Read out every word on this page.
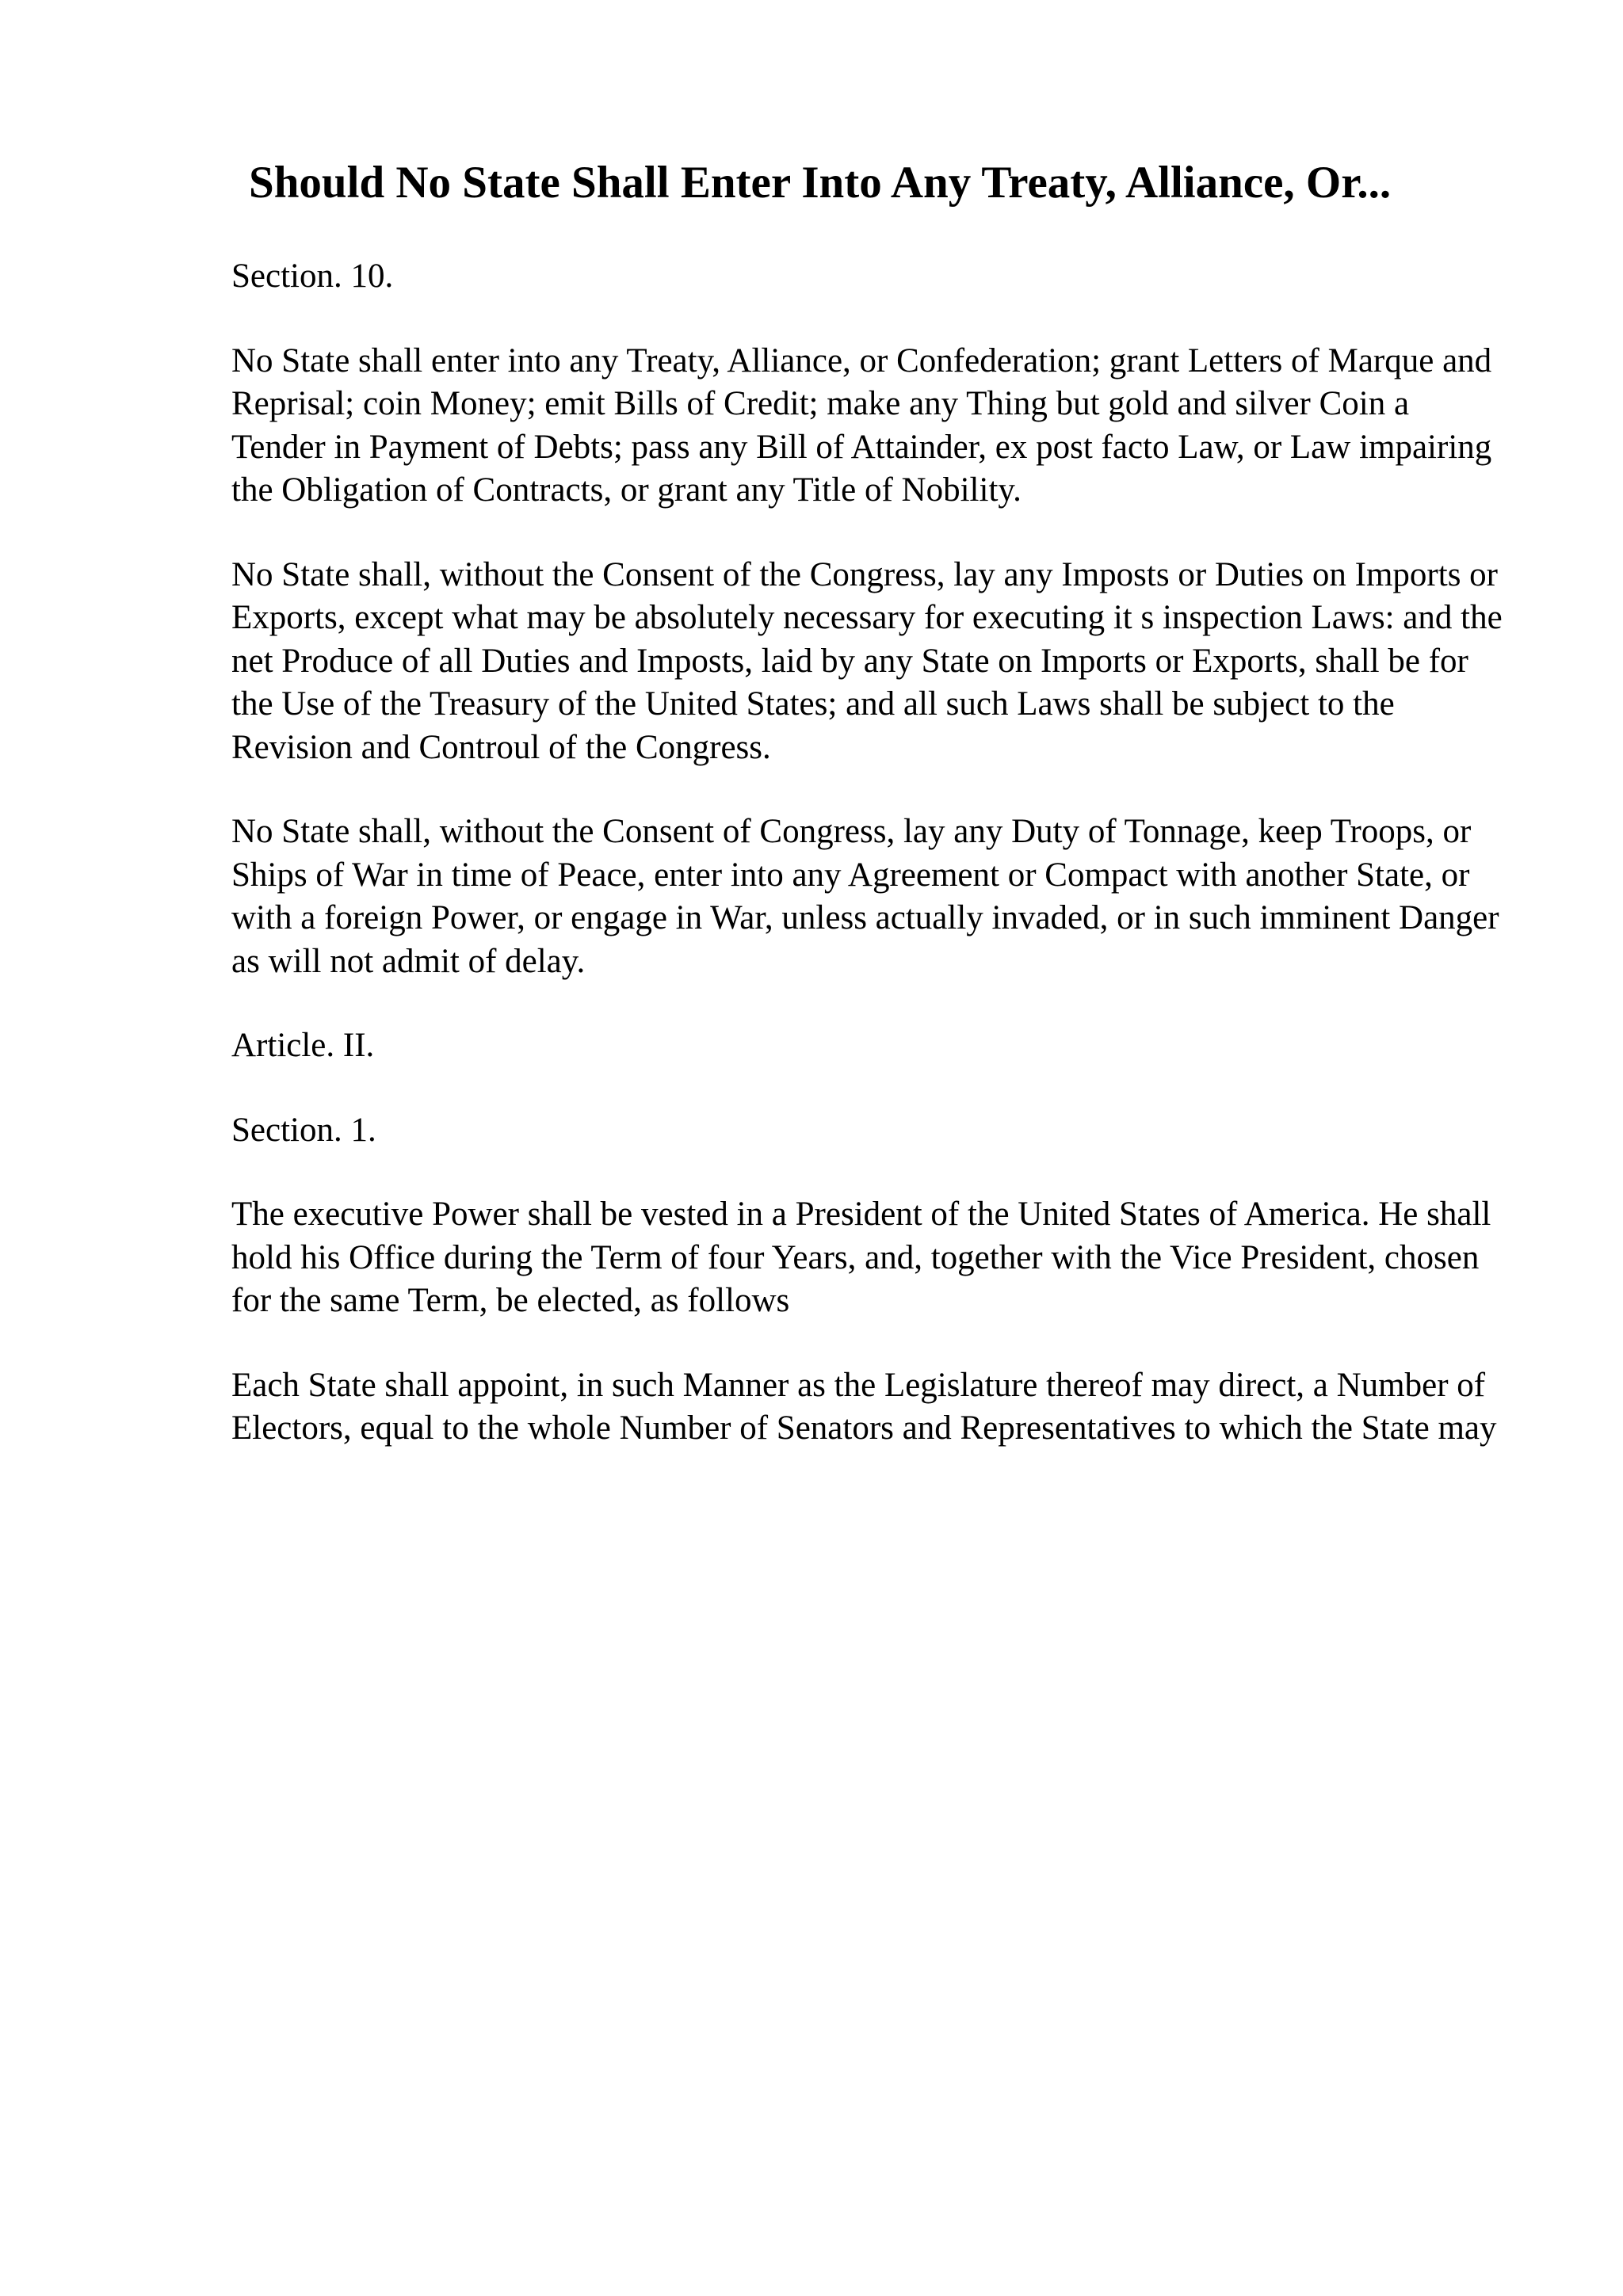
Should No State Shall Enter Into Any Treaty, Alliance, Or...

Section. 10.

No State shall enter into any Treaty, Alliance, or Confederation; grant Letters of Marque and Reprisal; coin Money; emit Bills of Credit; make any Thing but gold and silver Coin a Tender in Payment of Debts; pass any Bill of Attainder, ex post facto Law, or Law impairing the Obligation of Contracts, or grant any Title of Nobility.

No State shall, without the Consent of the Congress, lay any Imposts or Duties on Imports or Exports, except what may be absolutely necessary for executing it s inspection Laws: and the net Produce of all Duties and Imposts, laid by any State on Imports or Exports, shall be for the Use of the Treasury of the United States; and all such Laws shall be subject to the Revision and Controul of the Congress.

No State shall, without the Consent of Congress, lay any Duty of Tonnage, keep Troops, or Ships of War in time of Peace, enter into any Agreement or Compact with another State, or with a foreign Power, or engage in War, unless actually invaded, or in such imminent Danger as will not admit of delay.

Article. II.

Section. 1.

The executive Power shall be vested in a President of the United States of America. He shall hold his Office during the Term of four Years, and, together with the Vice President, chosen for the same Term, be elected, as follows

Each State shall appoint, in such Manner as the Legislature thereof may direct, a Number of Electors, equal to the whole Number of Senators and Representatives to which the State may
